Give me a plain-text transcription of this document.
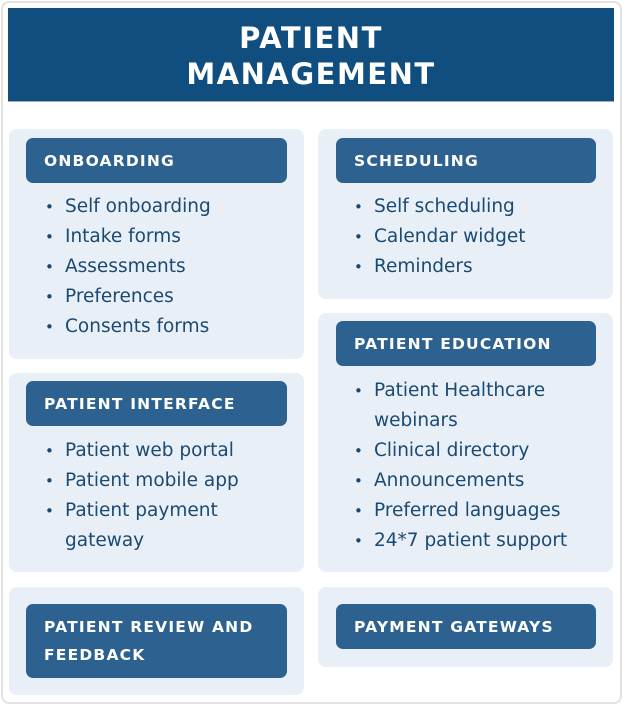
PATIENT
MANAGEMENT
ONBOARDING
• Self onboarding
• Intake forms
• Assessments
• Preferences
• Consents forms
PATIENT INTERFACE
• Patient web portal
• Patient mobile app
• Patient payment gateway
PATIENT REVIEW AND FEEDBACK
SCHEDULING
• Self scheduling
• Calendar widget
• Reminders
PATIENT EDUCATION
• Patient Healthcare webinars
• Clinical directory
• Announcements
• Preferred languages
• 24*7 patient support
PAYMENT GATEWAYS
